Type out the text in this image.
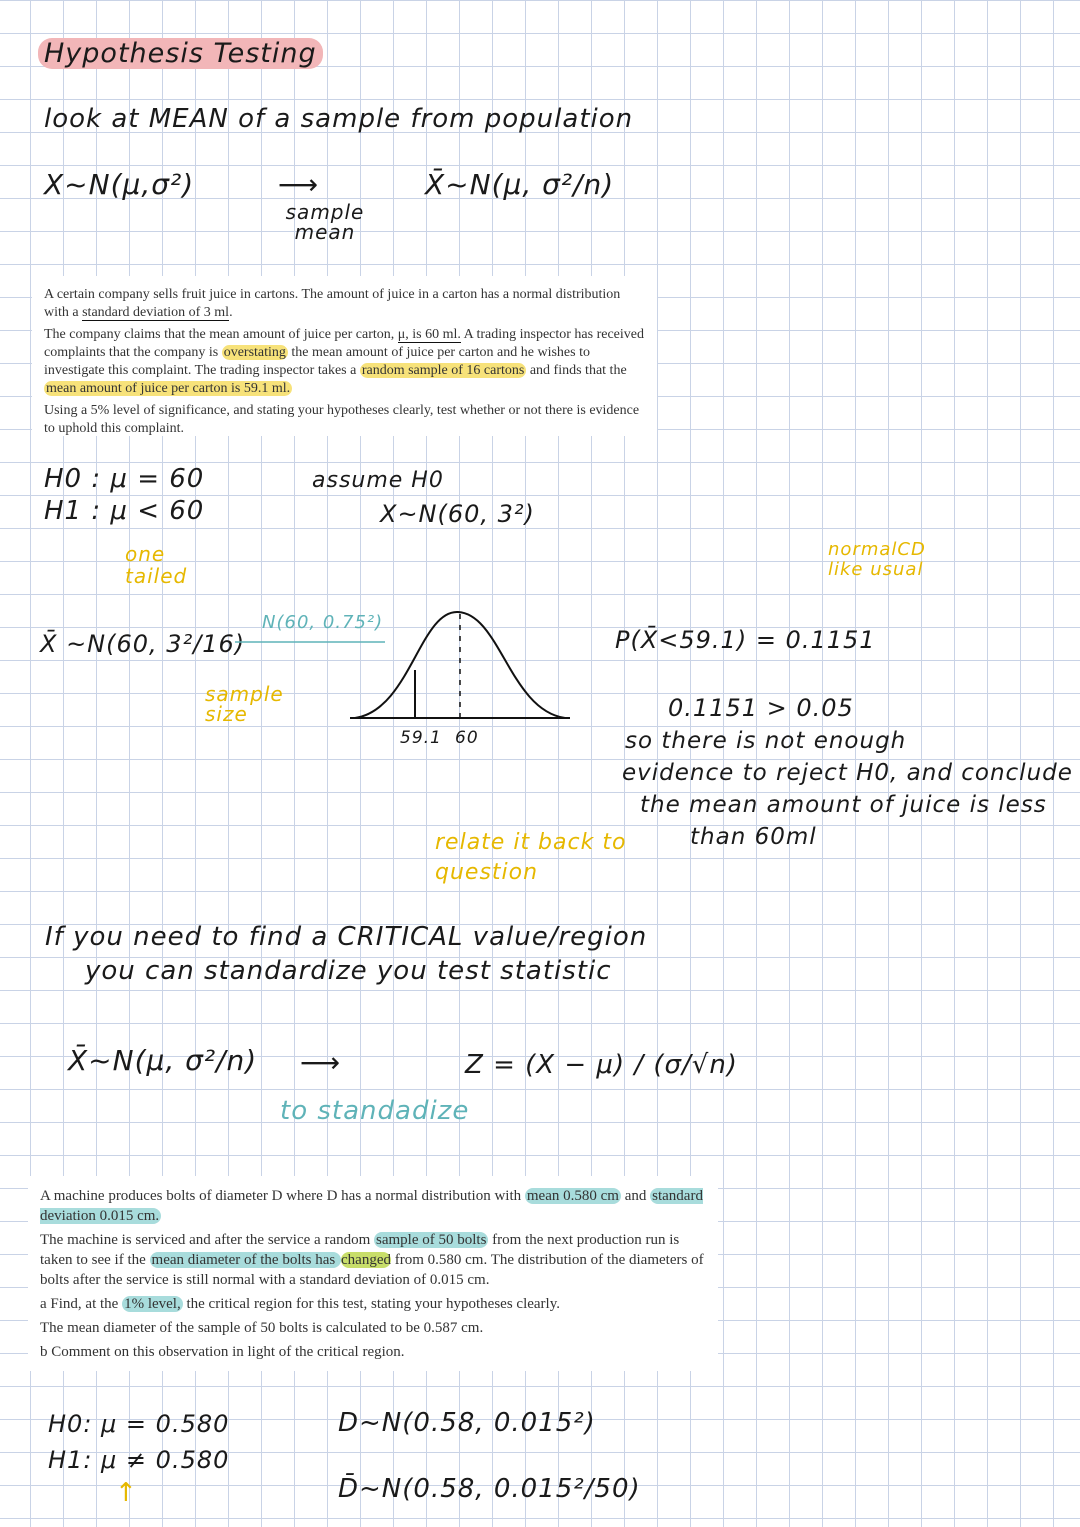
Hypothesis Testing
look at MEAN of a sample from population
X~N(μ,σ²)	⟶
sample mean
X̄~N(μ, σ²/n)

A certain company sells fruit juice in cartons. The amount of juice in a carton has a normal distribution with a standard deviation of 3 ml.

The company claims that the mean amount of juice per carton, μ, is 60 ml. A trading inspector has received complaints that the company is overstating the mean amount of juice per carton and he wishes to investigate this complaint. The trading inspector takes a random sample of 16 cartons and finds that the mean amount of juice per carton is 59.1 ml.

Using a 5% level of significance, and stating your hypotheses clearly, test whether or not there is evidence to uphold this complaint.

H0 : μ = 60
H1 : μ < 60
one tailed
assume H0
X~N(60, 3²)
normalCD like usual
X̄ ~N(60, 3²/16)
sample size
N(60, 0.75²)
59.1 60
P(X̄<59.1) = 0.1151
0.1151 > 0.05
so there is not enough
evidence to reject H0, and conclude
the mean amount of juice is less
than 60ml
relate it back to question
If you need to find a CRITICAL value/region
you can standardize you test statistic
X̄~N(μ, σ²/n) ⟶
to standadize
Z = (X − μ) / (σ/√n)

A machine produces bolts of diameter D where D has a normal distribution with mean 0.580 cm and standard deviation 0.015 cm.

The machine is serviced and after the service a random sample of 50 bolts from the next production run is taken to see if the mean diameter of the bolts has changed from 0.580 cm. The distribution of the diameters of bolts after the service is still normal with a standard deviation of 0.015 cm.

a Find, at the 1% level, the critical region for this test, stating your hypotheses clearly.

The mean diameter of the sample of 50 bolts is calculated to be 0.587 cm.

b Comment on this observation in light of the critical region.

H0: μ = 0.580
H1: μ ≠ 0.580
↑
D~N(0.58, 0.015²)
D̄~N(0.58, 0.015²/50)
